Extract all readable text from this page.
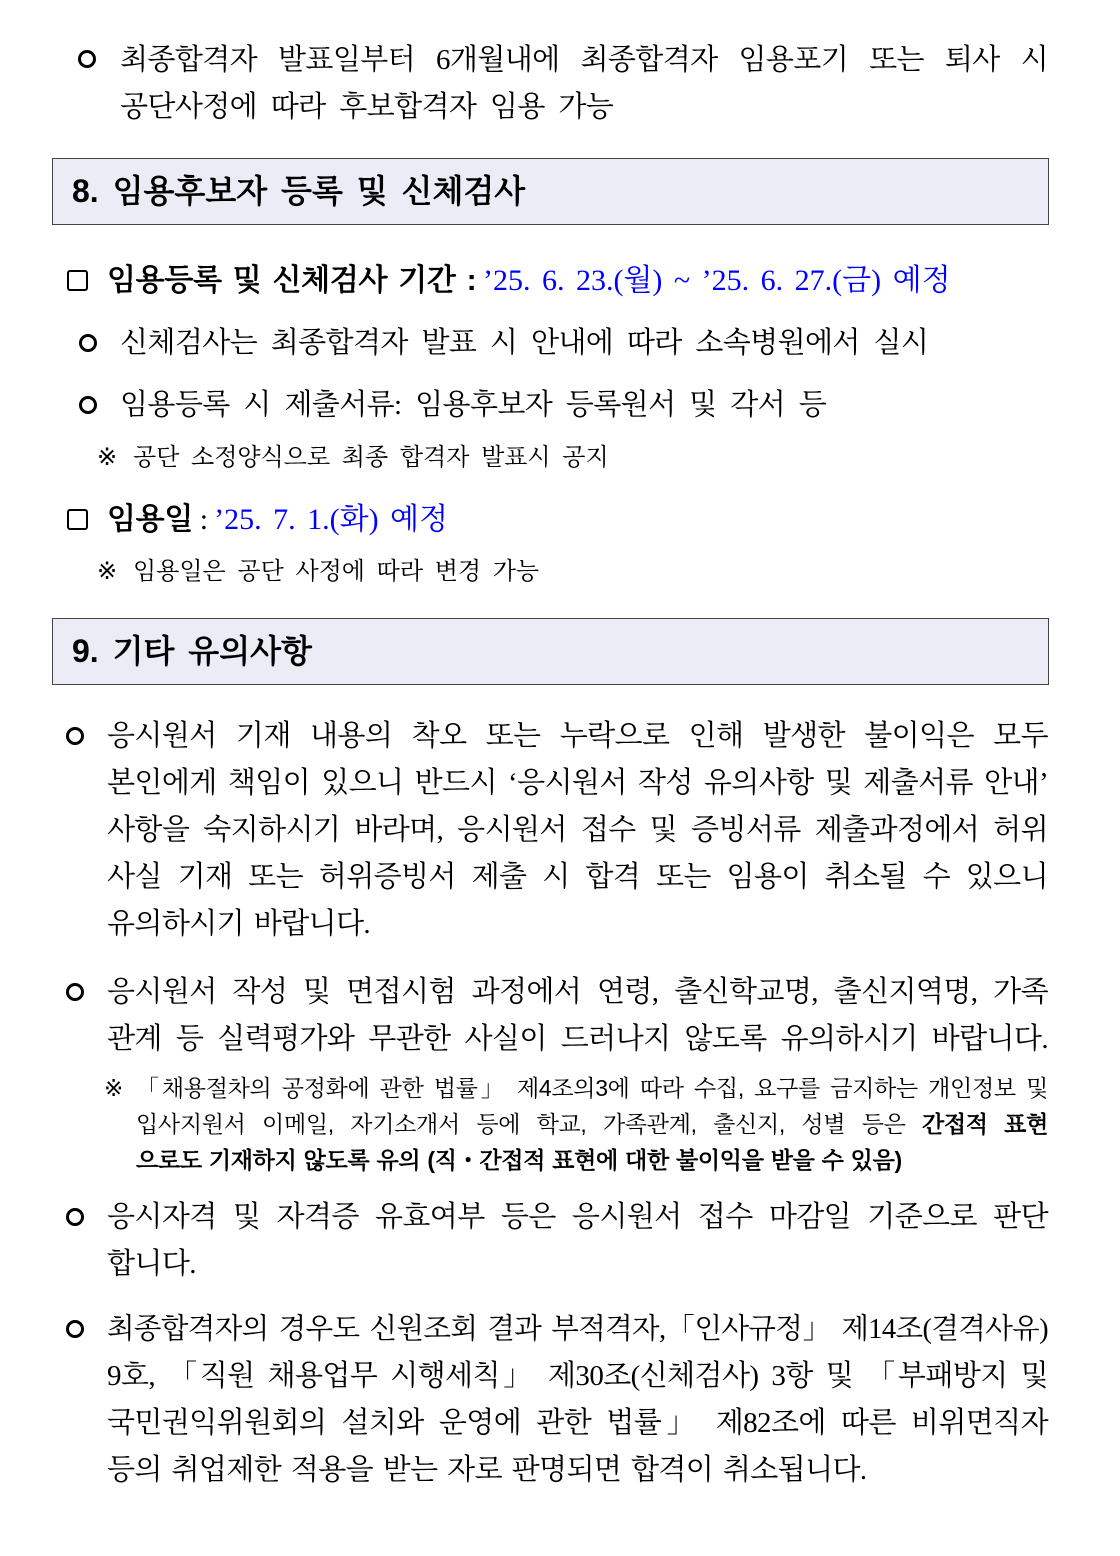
최종합격자 발표일부터 6개월내에 최종합격자 임용포기 또는 퇴사 시
공단사정에 따라 후보합격자 임용 가능
8. 임용후보자 등록 및 신체검사
임용등록 및 신체검사 기간 : ’25. 6. 23.(월) ~ ’25. 6. 27.(금) 예정
신체검사는 최종합격자 발표 시 안내에 따라 소속병원에서 실시
임용등록 시 제출서류: 임용후보자 등록원서 및 각서 등
※ 공단 소정양식으로 최종 합격자 발표시 공지
임용일 : ’25. 7. 1.(화) 예정
※ 임용일은 공단 사정에 따라 변경 가능
9. 기타 유의사항
응시원서 기재 내용의 착오 또는 누락으로 인해 발생한 불이익은 모두
본인에게 책임이 있으니 반드시 ‘응시원서 작성 유의사항 및 제출서류 안내’
사항을 숙지하시기 바라며, 응시원서 접수 및 증빙서류 제출과정에서 허위
사실 기재 또는 허위증빙서 제출 시 합격 또는 임용이 취소될 수 있으니
유의하시기 바랍니다.
응시원서 작성 및 면접시험 과정에서 연령, 출신학교명, 출신지역명, 가족
관계 등 실력평가와 무관한 사실이 드러나지 않도록 유의하시기 바랍니다.
※ 「채용절차의 공정화에 관한 법률」 제4조의3에 따라 수집, 요구를 금지하는 개인정보 및
입사지원서 이메일, 자기소개서 등에 학교, 가족관계, 출신지, 성별 등은 간접적 표현
으로도 기재하지 않도록 유의 (직・간접적 표현에 대한 불이익을 받을 수 있음)
응시자격 및 자격증 유효여부 등은 응시원서 접수 마감일 기준으로 판단
합니다.
최종합격자의 경우도 신원조회 결과 부적격자,「인사규정」 제14조(결격사유)
9호, 「직원 채용업무 시행세칙」 제30조(신체검사) 3항 및 「부패방지 및
국민권익위원회의 설치와 운영에 관한 법률」 제82조에 따른 비위면직자
등의 취업제한 적용을 받는 자로 판명되면 합격이 취소됩니다.
